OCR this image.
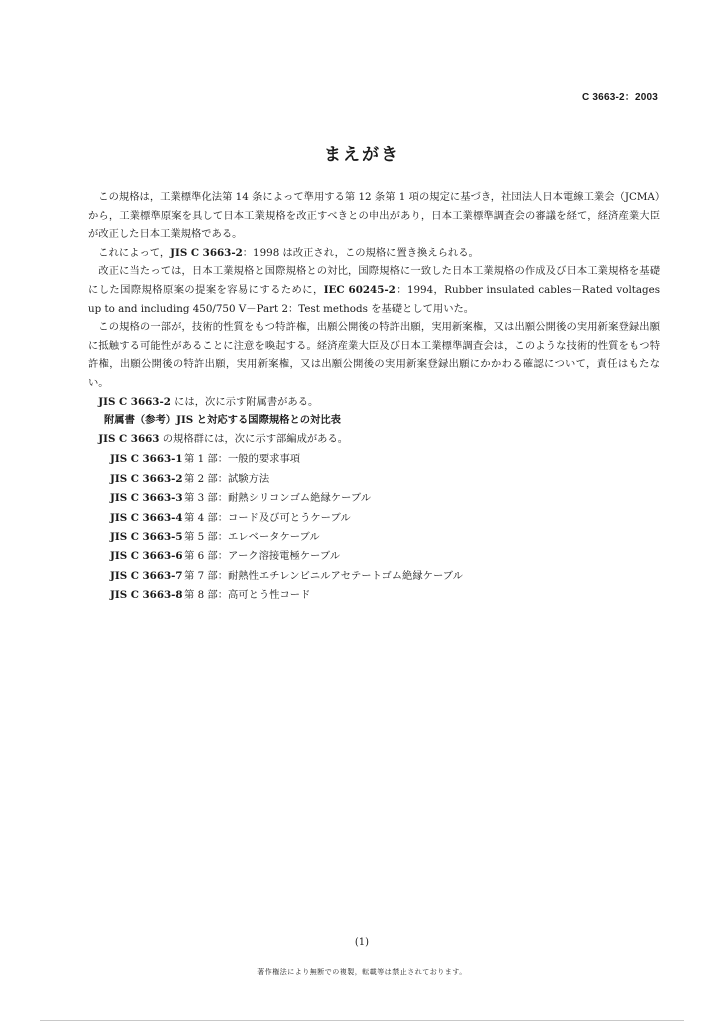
C 3663-2：2003
まえがき

この規格は，工業標準化法第 14 条によって準用する第 12 条第 1 項の規定に基づき，社団法人日本電線工業会（JCMA）から，工業標準原案を具して日本工業規格を改正すべきとの申出があり，日本工業標準調査会の審議を経て，経済産業大臣が改正した日本工業規格である。

これによって，JIS C 3663-2：1998 は改正され，この規格に置き換えられる。

改正に当たっては，日本工業規格と国際規格との対比，国際規格に一致した日本工業規格の作成及び日本工業規格を基礎にした国際規格原案の提案を容易にするために，IEC 60245-2：1994，Rubber insulated cables－Rated voltages up to and including 450/750 V－Part 2：Test methods を基礎として用いた。

この規格の一部が，技術的性質をもつ特許権，出願公開後の特許出願，実用新案権，又は出願公開後の実用新案登録出願に抵触する可能性があることに注意を喚起する。経済産業大臣及び日本工業標準調査会は，このような技術的性質をもつ特許権，出願公開後の特許出願，実用新案権，又は出願公開後の実用新案登録出願にかかわる確認について，責任はもたない。

JIS C 3663-2 には，次に示す附属書がある。

附属書（参考）JIS と対応する国際規格との対比表

JIS C 3663 の規格群には，次に示す部編成がある。

JIS C 3663-1第 1 部：一般的要求事項
JIS C 3663-2第 2 部：試験方法
JIS C 3663-3第 3 部：耐熱シリコンゴム絶縁ケーブル
JIS C 3663-4第 4 部：コード及び可とうケーブル
JIS C 3663-5第 5 部：エレベータケーブル
JIS C 3663-6第 6 部：アーク溶接電極ケーブル
JIS C 3663-7第 7 部：耐熱性エチレンビニルアセテートゴム絶縁ケーブル
JIS C 3663-8第 8 部：高可とう性コード
(1)
著作権法により無断での複製，転載等は禁止されております。
